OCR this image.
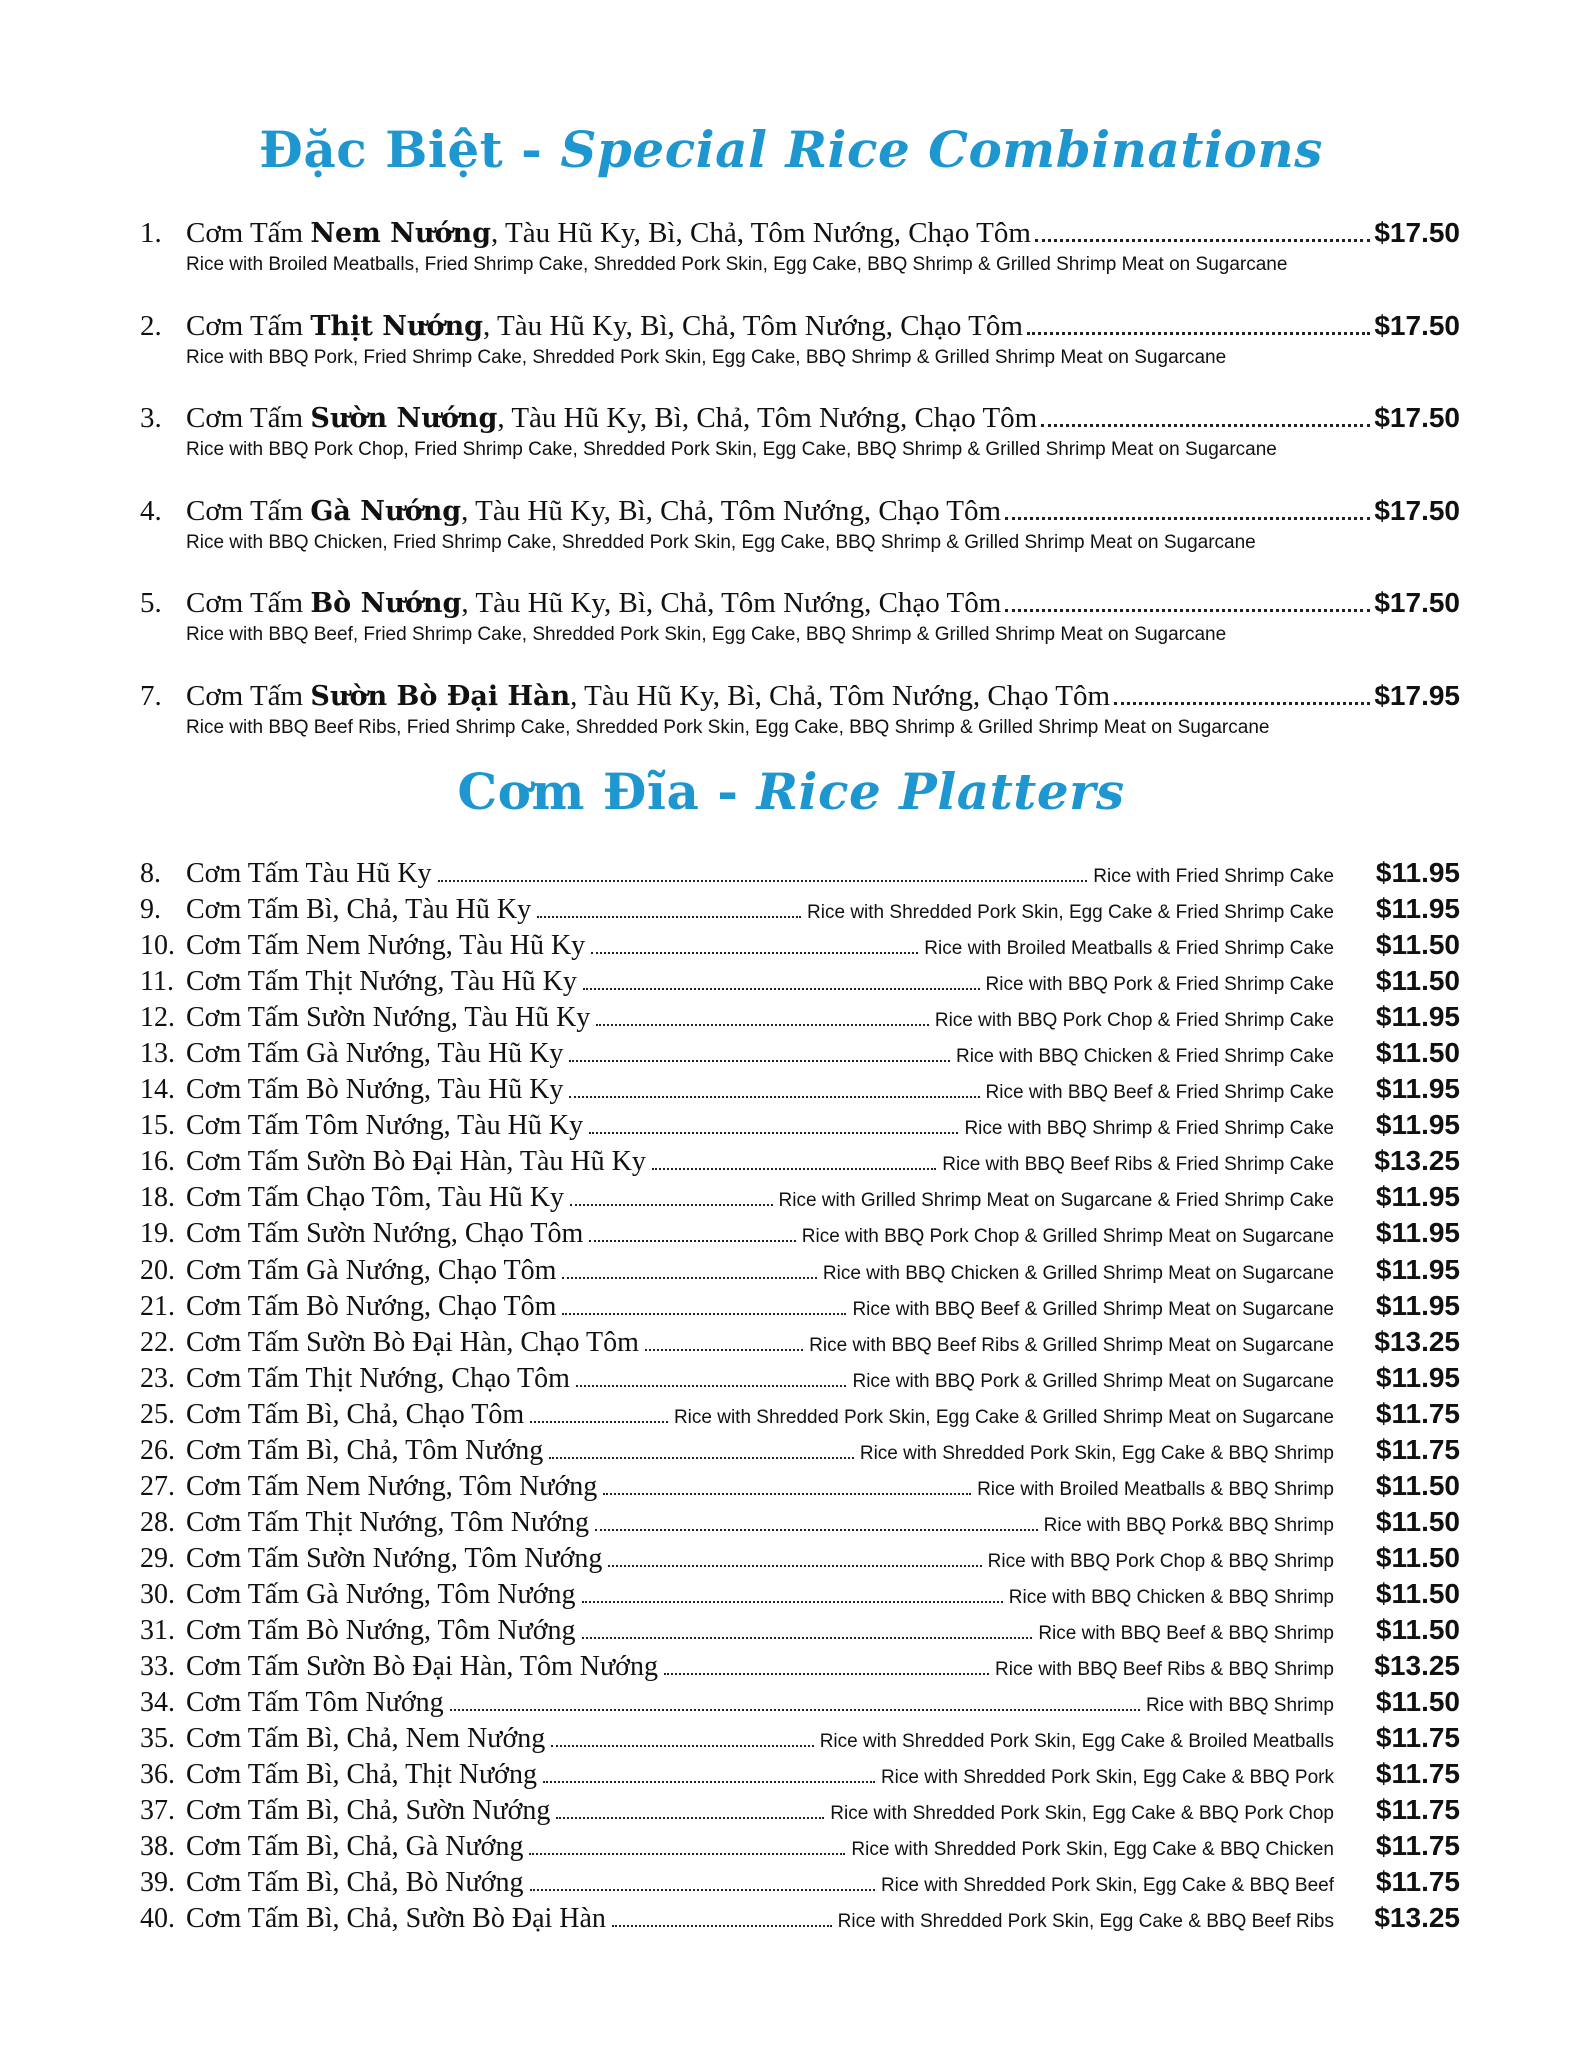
Đặc Biệt - Special Rice Combinations
1. Cơm Tấm Nem Nướng, Tàu Hũ Ky, Bì, Chả, Tôm Nướng, Chạo Tôm	$17.50
Rice with Broiled Meatballs, Fried Shrimp Cake, Shredded Pork Skin, Egg Cake, BBQ Shrimp & Grilled Shrimp Meat on Sugarcane
2. Cơm Tấm Thịt Nướng, Tàu Hũ Ky, Bì, Chả, Tôm Nướng, Chạo Tôm	$17.50
Rice with BBQ Pork, Fried Shrimp Cake, Shredded Pork Skin, Egg Cake, BBQ Shrimp & Grilled Shrimp Meat on Sugarcane
3. Cơm Tấm Sườn Nướng, Tàu Hũ Ky, Bì, Chả, Tôm Nướng, Chạo Tôm	$17.50
Rice with BBQ Pork Chop, Fried Shrimp Cake, Shredded Pork Skin, Egg Cake, BBQ Shrimp & Grilled Shrimp Meat on Sugarcane
4. Cơm Tấm Gà Nướng, Tàu Hũ Ky, Bì, Chả, Tôm Nướng, Chạo Tôm	$17.50
Rice with BBQ Chicken, Fried Shrimp Cake, Shredded Pork Skin, Egg Cake, BBQ Shrimp & Grilled Shrimp Meat on Sugarcane
5. Cơm Tấm Bò Nướng, Tàu Hũ Ky, Bì, Chả, Tôm Nướng, Chạo Tôm	$17.50
Rice with BBQ Beef, Fried Shrimp Cake, Shredded Pork Skin, Egg Cake, BBQ Shrimp & Grilled Shrimp Meat on Sugarcane
7. Cơm Tấm Sườn Bò Đại Hàn, Tàu Hũ Ky, Bì, Chả, Tôm Nướng, Chạo Tôm	$17.95
Rice with BBQ Beef Ribs, Fried Shrimp Cake, Shredded Pork Skin, Egg Cake, BBQ Shrimp & Grilled Shrimp Meat on Sugarcane
Cơm Đĩa - Rice Platters
8. Cơm Tấm Tàu Hũ Ky	Rice with Fried Shrimp Cake	$11.95
9. Cơm Tấm Bì, Chả, Tàu Hũ Ky	Rice with Shredded Pork Skin, Egg Cake & Fried Shrimp Cake	$11.95
10. Cơm Tấm Nem Nướng, Tàu Hũ Ky	Rice with Broiled Meatballs & Fried Shrimp Cake	$11.50
11. Cơm Tấm Thịt Nướng, Tàu Hũ Ky	Rice with BBQ Pork & Fried Shrimp Cake	$11.50
12. Cơm Tấm Sườn Nướng, Tàu Hũ Ky	Rice with BBQ Pork Chop & Fried Shrimp Cake	$11.95
13. Cơm Tấm Gà Nướng, Tàu Hũ Ky	Rice with BBQ Chicken & Fried Shrimp Cake	$11.50
14. Cơm Tấm Bò Nướng, Tàu Hũ Ky	Rice with BBQ Beef & Fried Shrimp Cake	$11.95
15. Cơm Tấm Tôm Nướng, Tàu Hũ Ky	Rice with BBQ Shrimp & Fried Shrimp Cake	$11.95
16. Cơm Tấm Sườn Bò Đại Hàn, Tàu Hũ Ky	Rice with BBQ Beef Ribs & Fried Shrimp Cake	$13.25
18. Cơm Tấm Chạo Tôm, Tàu Hũ Ky	Rice with Grilled Shrimp Meat on Sugarcane & Fried Shrimp Cake	$11.95
19. Cơm Tấm Sườn Nướng, Chạo Tôm	Rice with BBQ Pork Chop & Grilled Shrimp Meat on Sugarcane	$11.95
20. Cơm Tấm Gà Nướng, Chạo Tôm	Rice with BBQ Chicken & Grilled Shrimp Meat on Sugarcane	$11.95
21. Cơm Tấm Bò Nướng, Chạo Tôm	Rice with BBQ Beef & Grilled Shrimp Meat on Sugarcane	$11.95
22. Cơm Tấm Sườn Bò Đại Hàn, Chạo Tôm	Rice with BBQ Beef Ribs & Grilled Shrimp Meat on Sugarcane	$13.25
23. Cơm Tấm Thịt Nướng, Chạo Tôm	Rice with BBQ Pork & Grilled Shrimp Meat on Sugarcane	$11.95
25. Cơm Tấm Bì, Chả, Chạo Tôm	Rice with Shredded Pork Skin, Egg Cake & Grilled Shrimp Meat on Sugarcane	$11.75
26. Cơm Tấm Bì, Chả, Tôm Nướng	Rice with Shredded Pork Skin, Egg Cake & BBQ Shrimp	$11.75
27. Cơm Tấm Nem Nướng, Tôm Nướng	Rice with Broiled Meatballs & BBQ Shrimp	$11.50
28. Cơm Tấm Thịt Nướng, Tôm Nướng	Rice with BBQ Pork& BBQ Shrimp	$11.50
29. Cơm Tấm Sườn Nướng, Tôm Nướng	Rice with BBQ Pork Chop & BBQ Shrimp	$11.50
30. Cơm Tấm Gà Nướng, Tôm Nướng	Rice with BBQ Chicken & BBQ Shrimp	$11.50
31. Cơm Tấm Bò Nướng, Tôm Nướng	Rice with BBQ Beef & BBQ Shrimp	$11.50
33. Cơm Tấm Sườn Bò Đại Hàn, Tôm Nướng	Rice with BBQ Beef Ribs & BBQ Shrimp	$13.25
34. Cơm Tấm Tôm Nướng	Rice with BBQ Shrimp	$11.50
35. Cơm Tấm Bì, Chả, Nem Nướng	Rice with Shredded Pork Skin, Egg Cake & Broiled Meatballs	$11.75
36. Cơm Tấm Bì, Chả, Thịt Nướng	Rice with Shredded Pork Skin, Egg Cake & BBQ Pork	$11.75
37. Cơm Tấm Bì, Chả, Sườn Nướng	Rice with Shredded Pork Skin, Egg Cake & BBQ Pork Chop	$11.75
38. Cơm Tấm Bì, Chả, Gà Nướng	Rice with Shredded Pork Skin, Egg Cake & BBQ Chicken	$11.75
39. Cơm Tấm Bì, Chả, Bò Nướng	Rice with Shredded Pork Skin, Egg Cake & BBQ Beef	$11.75
40. Cơm Tấm Bì, Chả, Sườn Bò Đại Hàn	Rice with Shredded Pork Skin, Egg Cake & BBQ Beef Ribs	$13.25
